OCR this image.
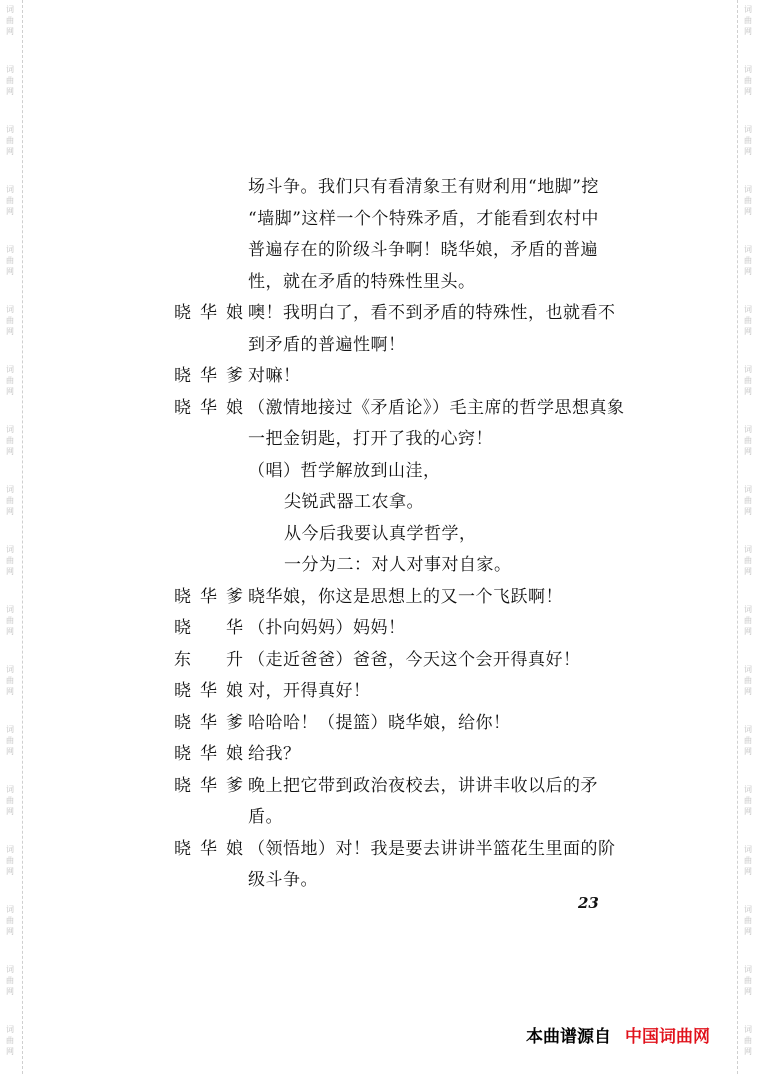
词
曲
网
词
曲
网
词
曲
网
词
曲
网
词
曲
网
词
曲
网
词
曲
网
词
曲
网
词
曲
网
词
曲
网
词
曲
网
词
曲
网
词
曲
网
词
曲
网
词
曲
网
词
曲
网
词
曲
网
词
曲
网
词
曲
网
词
曲
网
词
曲
网
词
曲
网
词
曲
网
词
曲
网
词
曲
网
词
曲
网
词
曲
网
词
曲
网
词
曲
网
词
曲
网
词
曲
网
词
曲
网
词
曲
网
词
曲
网
词
曲
网
词
曲
网
场斗争。我们只有看清象王有财利用“地脚”挖
“墙脚”这样一个个特殊矛盾，才能看到农村中
普遍存在的阶级斗争啊！晓华娘，矛盾的普遍
性，就在矛盾的特殊性里头。
晓华娘 噢！我明白了，看不到矛盾的特殊性，也就看不
到矛盾的普遍性啊！
晓华爹 对嘛！
晓华娘 （激情地接过《矛盾论》）毛主席的哲学思想真象
一把金钥匙，打开了我的心窍！
（唱）哲学解放到山洼，
尖锐武器工农拿。
从今后我要认真学哲学，
一分为二：对人对事对自家。
晓华爹 晓华娘，你这是思想上的又一个飞跃啊！
晓　华 （扑向妈妈）妈妈！
东　升 （走近爸爸）爸爸，今天这个会开得真好！
晓华娘 对，开得真好！
晓华爹 哈哈哈！（提篮）晓华娘，给你！
晓华娘 给我？
晓华爹 晚上把它带到政治夜校去，讲讲丰收以后的矛
盾。
晓华娘 （领悟地）对！我是要去讲讲半篮花生里面的阶
级斗争。
23
本曲谱源自 中国词曲网
